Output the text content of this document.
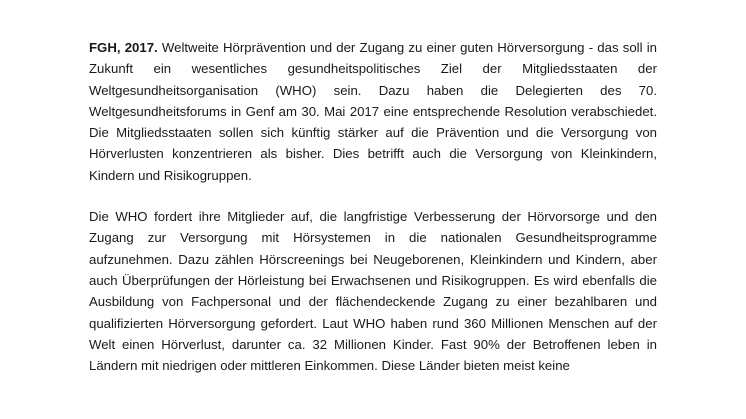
FGH, 2017. Weltweite Hörprävention und der Zugang zu einer guten Hörversorgung - das soll in Zukunft ein wesentliches gesundheitspolitisches Ziel der Mitgliedsstaaten der Weltgesundheitsorganisation (WHO) sein. Dazu haben die Delegierten des 70. Weltgesundheitsforums in Genf am 30. Mai 2017 eine entsprechende Resolution verabschiedet. Die Mitgliedsstaaten sollen sich künftig stärker auf die Prävention und die Versorgung von Hörverlusten konzentrieren als bisher. Dies betrifft auch die Versorgung von Kleinkindern, Kindern und Risikogruppen.

Die WHO fordert ihre Mitglieder auf, die langfristige Verbesserung der Hörvorsorge und den Zugang zur Versorgung mit Hörsystemen in die nationalen Gesundheitsprogramme aufzunehmen. Dazu zählen Hörscreenings bei Neugeborenen, Kleinkindern und Kindern, aber auch Überprüfungen der Hörleistung bei Erwachsenen und Risikogruppen. Es wird ebenfalls die Ausbildung von Fachpersonal und der flächendeckende Zugang zu einer bezahlbaren und qualifizierten Hörversorgung gefordert. Laut WHO haben rund 360 Millionen Menschen auf der Welt einen Hörverlust, darunter ca. 32 Millionen Kinder. Fast 90% der Betroffenen leben in Ländern mit niedrigen oder mittleren Einkommen. Diese Länder bieten meist keine
